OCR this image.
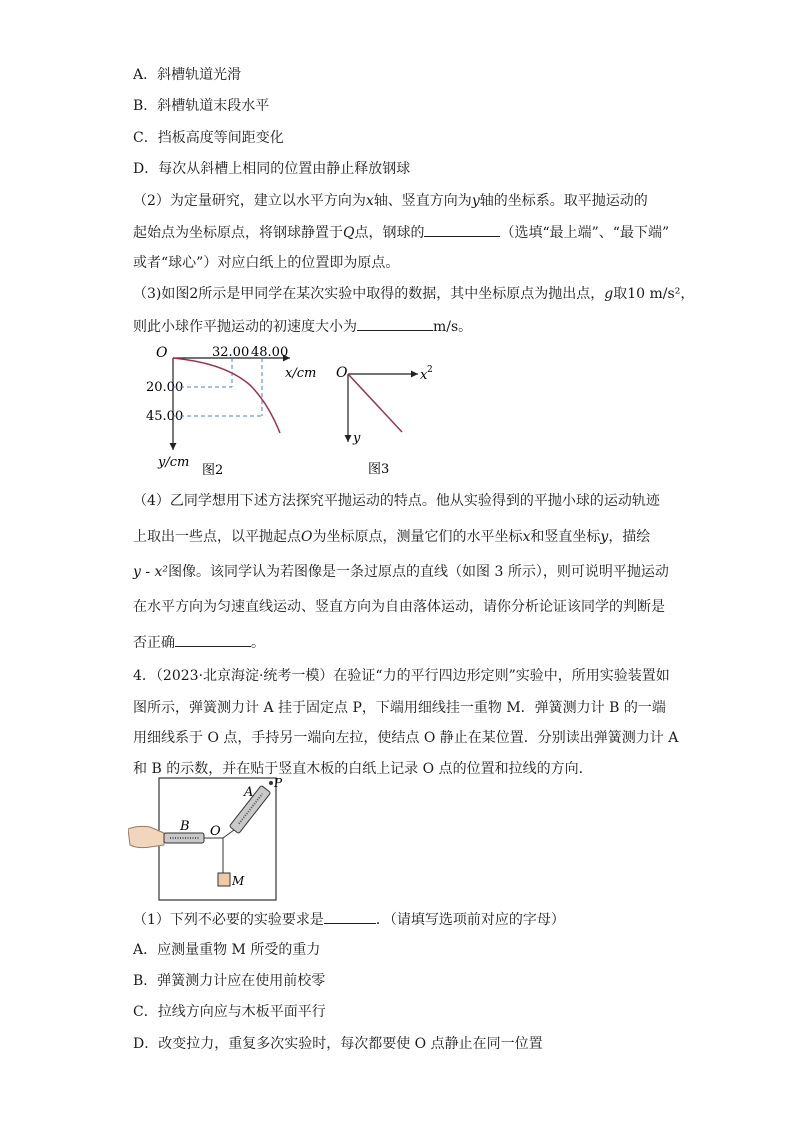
A．斜槽轨道光滑
B．斜槽轨道末段水平
C．挡板高度等间距变化
D．每次从斜槽上相同的位置由静止释放钢球
（2）为定量研究，建立以水平方向为x轴、竖直方向为y轴的坐标系。取平抛运动的
起始点为坐标原点，将钢球静置于Q点，钢球的	（选填“最上端”、“最下端”
或者“球心”）对应白纸上的位置即为原点。
（3)如图2所示是甲同学在某次实验中取得的数据，其中坐标原点为抛出点，g取10 m/s²，
则此小球作平抛运动的初速度大小为	m/s。
O	32.00 48.00
x/cm
20.00
45.00
y/cm
图2
O	x 2
y
图3
（4）乙同学想用下述方法探究平抛运动的特点。他从实验得到的平抛小球的运动轨迹
上取出一些点，以平抛起点O为坐标原点，测量它们的水平坐标x和竖直坐标y，描绘
y - x²图像。该同学认为若图像是一条过原点的直线（如图 3 所示），则可说明平抛运动
在水平方向为匀速直线运动、竖直方向为自由落体运动，请你分析论证该同学的判断是
否正确	。
4．（2023·北京海淀·统考一模）在验证“力的平行四边形定则”实验中，所用实验装置如
图所示，弹簧测力计 A 挂于固定点 P，下端用细线挂一重物 M．弹簧测力计 B 的一端
用细线系于 O 点，手持另一端向左拉，使结点 O 静止在某位置．分别读出弹簧测力计 A
和 B 的示数，并在贴于竖直木板的白纸上记录 O 点的位置和拉线的方向．
A
P
B O
M
（1）下列不必要的实验要求是	．（请填写选项前对应的字母）
A．应测量重物 M 所受的重力
B．弹簧测力计应在使用前校零
C．拉线方向应与木板平面平行
D．改变拉力，重复多次实验时，每次都要使 O 点静止在同一位置
